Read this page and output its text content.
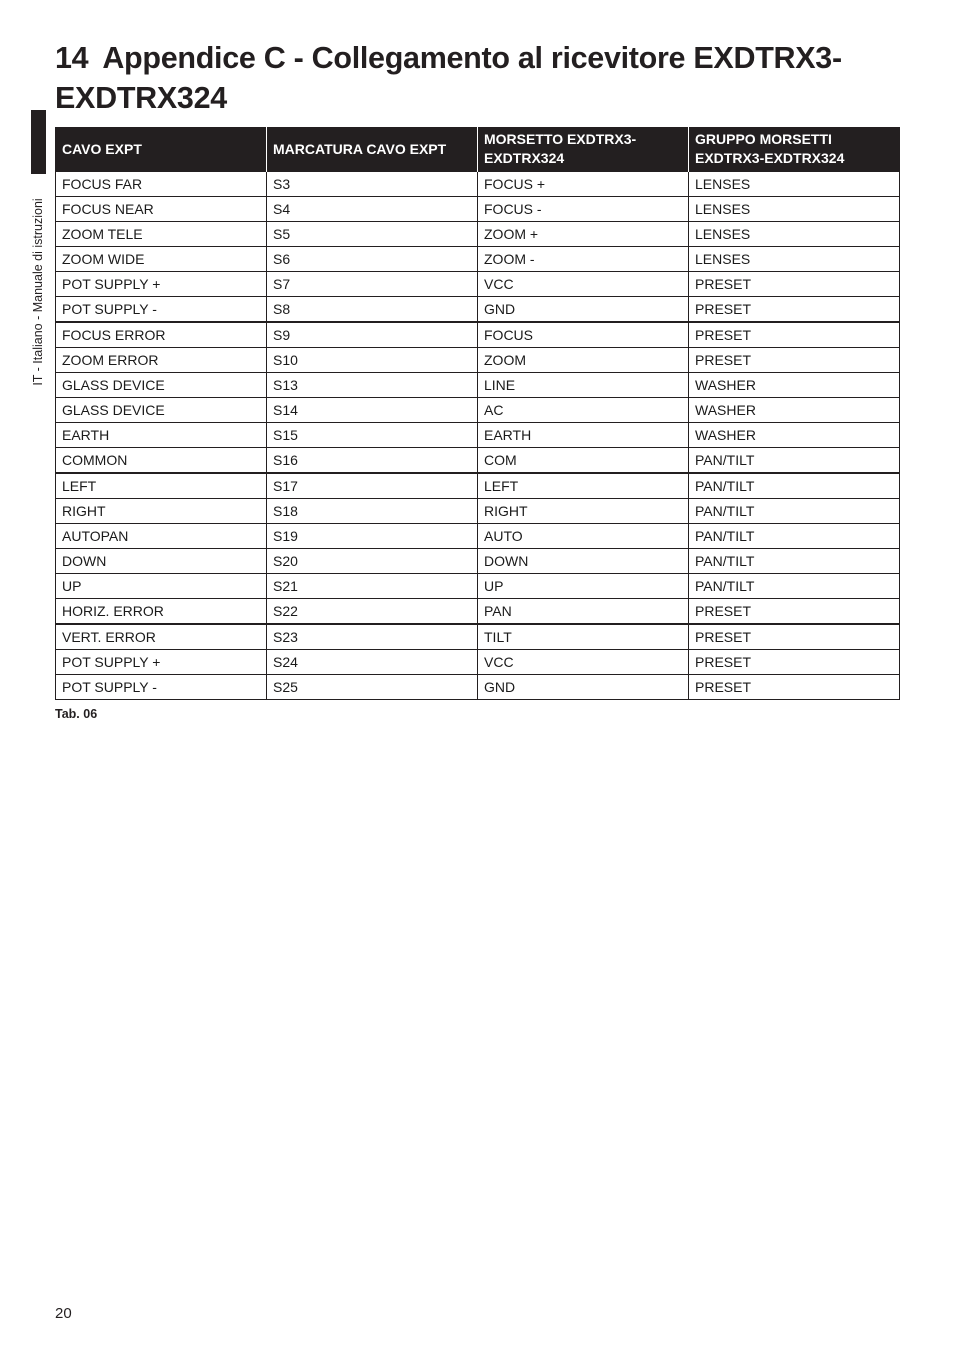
IT - Italiano - Manuale di istruzioni
14 Appendice C - Collegamento al ricevitore EXDTRX3-EXDTRX324
CAVO EXPT	MARCATURA CAVO EXPT	MORSETTO EXDTRX3-EXDTRX324	GRUPPO MORSETTI EXDTRX3-EXDTRX324
FOCUS FAR	S3	FOCUS +	LENSES
FOCUS NEAR	S4	FOCUS -	LENSES
ZOOM TELE	S5	ZOOM +	LENSES
ZOOM WIDE	S6	ZOOM -	LENSES
POT SUPPLY +	S7	VCC	PRESET
POT SUPPLY -	S8	GND	PRESET
FOCUS ERROR	S9	FOCUS	PRESET
ZOOM ERROR	S10	ZOOM	PRESET
GLASS DEVICE	S13	LINE	WASHER
GLASS DEVICE	S14	AC	WASHER
EARTH	S15	EARTH	WASHER
COMMON	S16	COM	PAN/TILT
LEFT	S17	LEFT	PAN/TILT
RIGHT	S18	RIGHT	PAN/TILT
AUTOPAN	S19	AUTO	PAN/TILT
DOWN	S20	DOWN	PAN/TILT
UP	S21	UP	PAN/TILT
HORIZ. ERROR	S22	PAN	PRESET
VERT. ERROR	S23	TILT	PRESET
POT SUPPLY +	S24	VCC	PRESET
POT SUPPLY -	S25	GND	PRESET
Tab. 06
20
